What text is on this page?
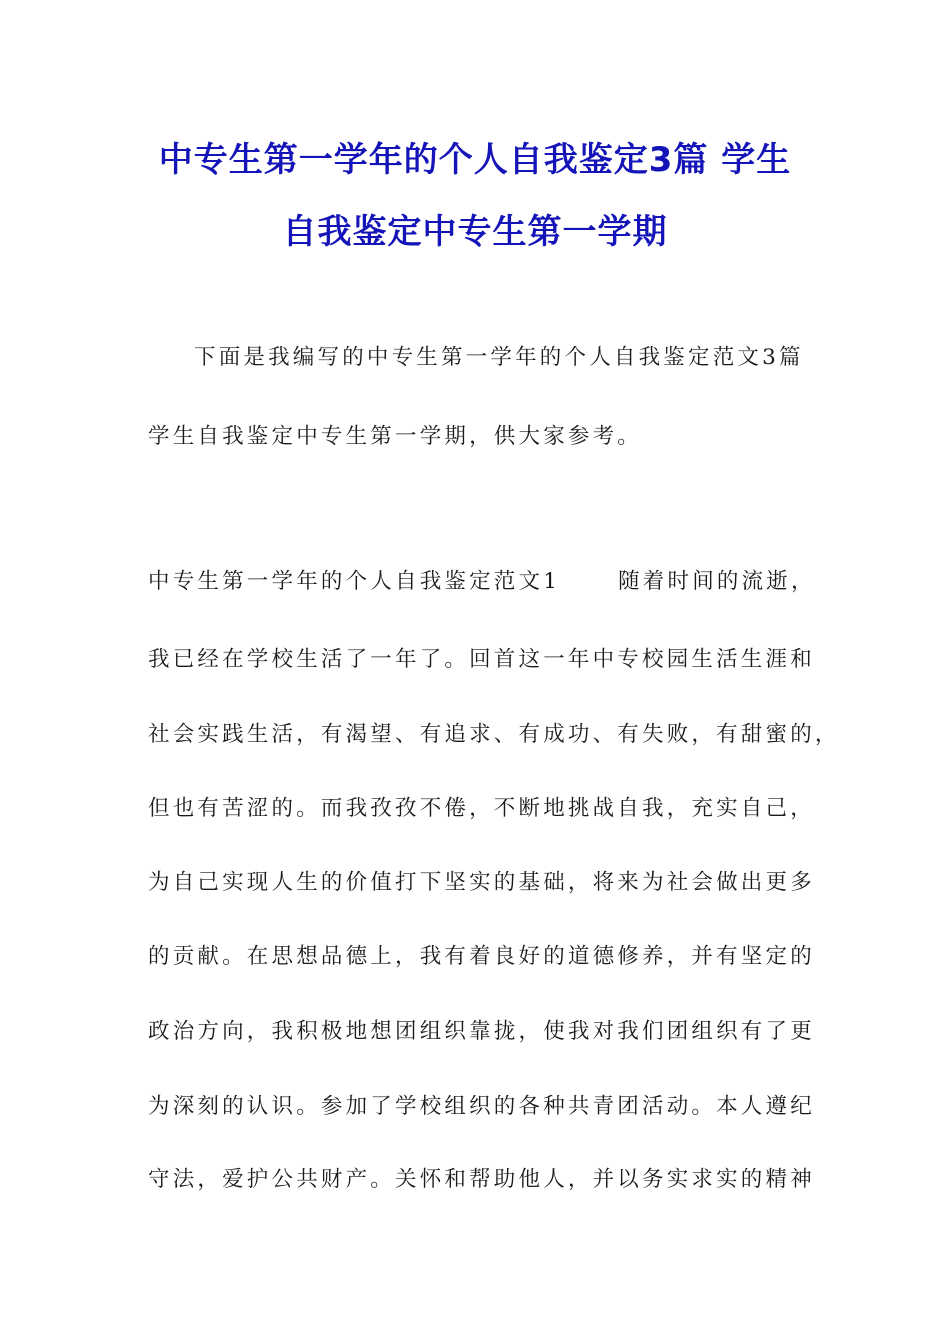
中专生第一学年的个人自我鉴定3篇 学生
自我鉴定中专生第一学期

下面是我编写的中专生第一学年的个人自我鉴定范文3篇

学生自我鉴定中专生第一学期，供大家参考。

中专生第一学年的个人自我鉴定范文1	随着时间的流逝，

我已经在学校生活了一年了。回首这一年中专校园生活生涯和

社会实践生活，有渴望、有追求、有成功、有失败，有甜蜜的，

但也有苦涩的。而我孜孜不倦，不断地挑战自我，充实自己，

为自己实现人生的价值打下坚实的基础，将来为社会做出更多

的贡献。在思想品德上，我有着良好的道德修养，并有坚定的

政治方向，我积极地想团组织靠拢，使我对我们团组织有了更

为深刻的认识。参加了学校组织的各种共青团活动。本人遵纪

守法，爱护公共财产。关怀和帮助他人，并以务实求实的精神
